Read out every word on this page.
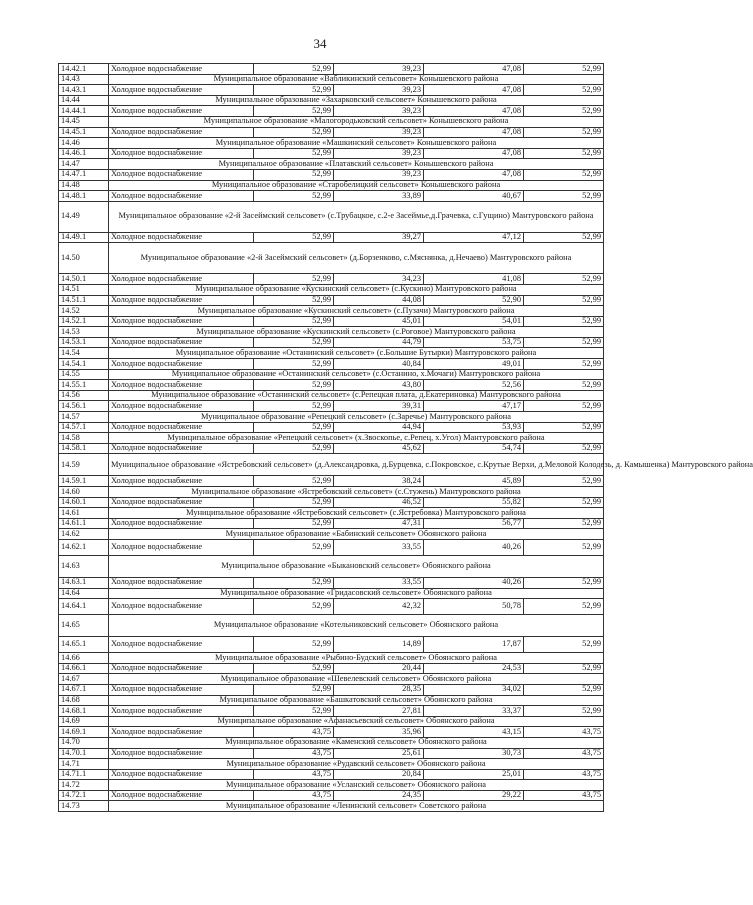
34
14.42.1	Холодное водоснабжение	52,99	39,23	47,08	52,99
14.43	Муниципальное образование «Вабликинский сельсовет» Конышевского района				
14.43.1	Холодное водоснабжение	52,99	39,23	47,08	52,99
14.44	Муниципальное образование «Захарковский сельсовет» Конышевского района				
14.44.1	Холодное водоснабжение	52,99	39,23	47,08	52,99
14.45	Муниципальное образование «Малогородьковский сельсовет» Конышевского района				
14.45.1	Холодное водоснабжение	52,99	39,23	47,08	52,99
14.46	Муниципальное образование «Машкинский сельсовет» Конышевского района				
14.46.1	Холодное водоснабжение	52,99	39,23	47,08	52,99
14.47	Муниципальное образование «Платавский сельсовет» Конышевского района				
14.47.1	Холодное водоснабжение	52,99	39,23	47,08	52,99
14.48	Муниципальное образование «Старобелицкий сельсовет» Конышевского района				
14.48.1	Холодное водоснабжение	52,99	33,89	40,67	52,99
14.49	Муниципальное образование «2-й Засеймский сельсовет» (с.Трубацкое, с.2-е Засеймье,д.Грачевка, с.Гущино) Мантуровского района				
14.49.1	Холодное водоснабжение	52,99	39,27	47,12	52,99
14.50	Муниципальное образование «2-й Засеймский сельсовет» (д.Борзенково, с.Мяснянка, д.Нечаево) Мантуровского района				
14.50.1	Холодное водоснабжение	52,99	34,23	41,08	52,99
14.51	Муниципальное образование «Кускинский сельсовет» (с.Кускино) Мантуровского района				
14.51.1	Холодное водоснабжение	52,99	44,08	52,90	52,99
14.52	Муниципальное образование «Кускинский сельсовет» (с.Пузачи) Мантуровского района				
14.52.1	Холодное водоснабжение	52,99	45,01	54,01	52,99
14.53	Муниципальное образование «Кускинский сельсовет» (с.Роговое) Мантуровского района				
14.53.1	Холодное водоснабжение	52,99	44,79	53,75	52,99
14.54	Муниципальное образование «Останинский сельсовет» (с.Большие Бутырки) Мантуровского района				
14.54.1	Холодное водоснабжение	52,99	40,84	49,01	52,99
14.55	Муниципальное образование «Останинский сельсовет» (с.Останино, х.Мочаги) Мантуровского района				
14.55.1	Холодное водоснабжение	52,99	43,80	52,56	52,99
14.56	Муниципальное образование «Останинский сельсовет» (с.Репецкая плата, д.Екатериновка) Мантуровского района				
14.56.1	Холодное водоснабжение	52,99	39,31	47,17	52,99
14.57	Муниципальное образование «Репецкий сельсовет» (с.Заречье) Мантуровского района				
14.57.1	Холодное водоснабжение	52,99	44,94	53,93	52,99
14.58	Муниципальное образование «Репецкий сельсовет» (х.Звоскопье, с.Репец, х.Угол) Мантуровского района				
14.58.1	Холодное водоснабжение	52,99	45,62	54,74	52,99
14.59	Муниципальное образование «Ястребовский сельсовет» (д.Александровка, д.Бурцевка, с.Покровское, с.Крутые Верхи, д.Меловой Колодезь, д. Камышенка) Мантуровского района				
14.59.1	Холодное водоснабжение	52,99	38,24	45,89	52,99
14.60	Муниципальное образование «Ястребовский сельсовет» (с.Стужень) Мантуровского района				
14.60.1	Холодное водоснабжение	52,99	46,52	55,82	52,99
14.61	Муниципальное образование «Ястребовский сельсовет» (с.Ястребовка) Мантуровского района				
14.61.1	Холодное водоснабжение	52,99	47,31	56,77	52,99
14.62	Муниципальное образование «Бабинский сельсовет» Обоянского района				
14.62.1	Холодное водоснабжение	52,99	33,55	40,26	52,99
14.63	Муниципальное образование «Быкановский сельсовет» Обоянского района				
14.63.1	Холодное водоснабжение	52,99	33,55	40,26	52,99
14.64	Муниципальное образование «Гридасовский сельсовет» Обоянского района				
14.64.1	Холодное водоснабжение	52,99	42,32	50,78	52,99
14.65	Муниципальное образование «Котельниковский сельсовет» Обоянского района				
14.65.1	Холодное водоснабжение	52,99	14,89	17,87	52,99
14.66	Муниципальное образование «Рыбино-Будский сельсовет» Обоянского района				
14.66.1	Холодное водоснабжение	52,99	20,44	24,53	52,99
14.67	Муниципальное образование «Шевелевский сельсовет» Обоянского района				
14.67.1	Холодное водоснабжение	52,99	28,35	34,02	52,99
14.68	Муниципальное образование «Башкатовский сельсовет» Обоянского района				
14.68.1	Холодное водоснабжение	52,99	27,81	33,37	52,99
14.69	Муниципальное образование «Афанасьевский сельсовет» Обоянского района				
14.69.1	Холодное водоснабжение	43,75	35,96	43,15	43,75
14.70	Муниципальное образование «Каменский сельсовет» Обоянского района				
14.70.1	Холодное водоснабжение	43,75	25,61	30,73	43,75
14.71	Муниципальное образование «Рудавский сельсовет» Обоянского района				
14.71.1	Холодное водоснабжение	43,75	20,84	25,01	43,75
14.72	Муниципальное образование «Усланский сельсовет» Обоянского района				
14.72.1	Холодное водоснабжение	43,75	24,35	29,22	43,75
14.73	Муниципальное образование «Ленинский сельсовет» Советского района				
